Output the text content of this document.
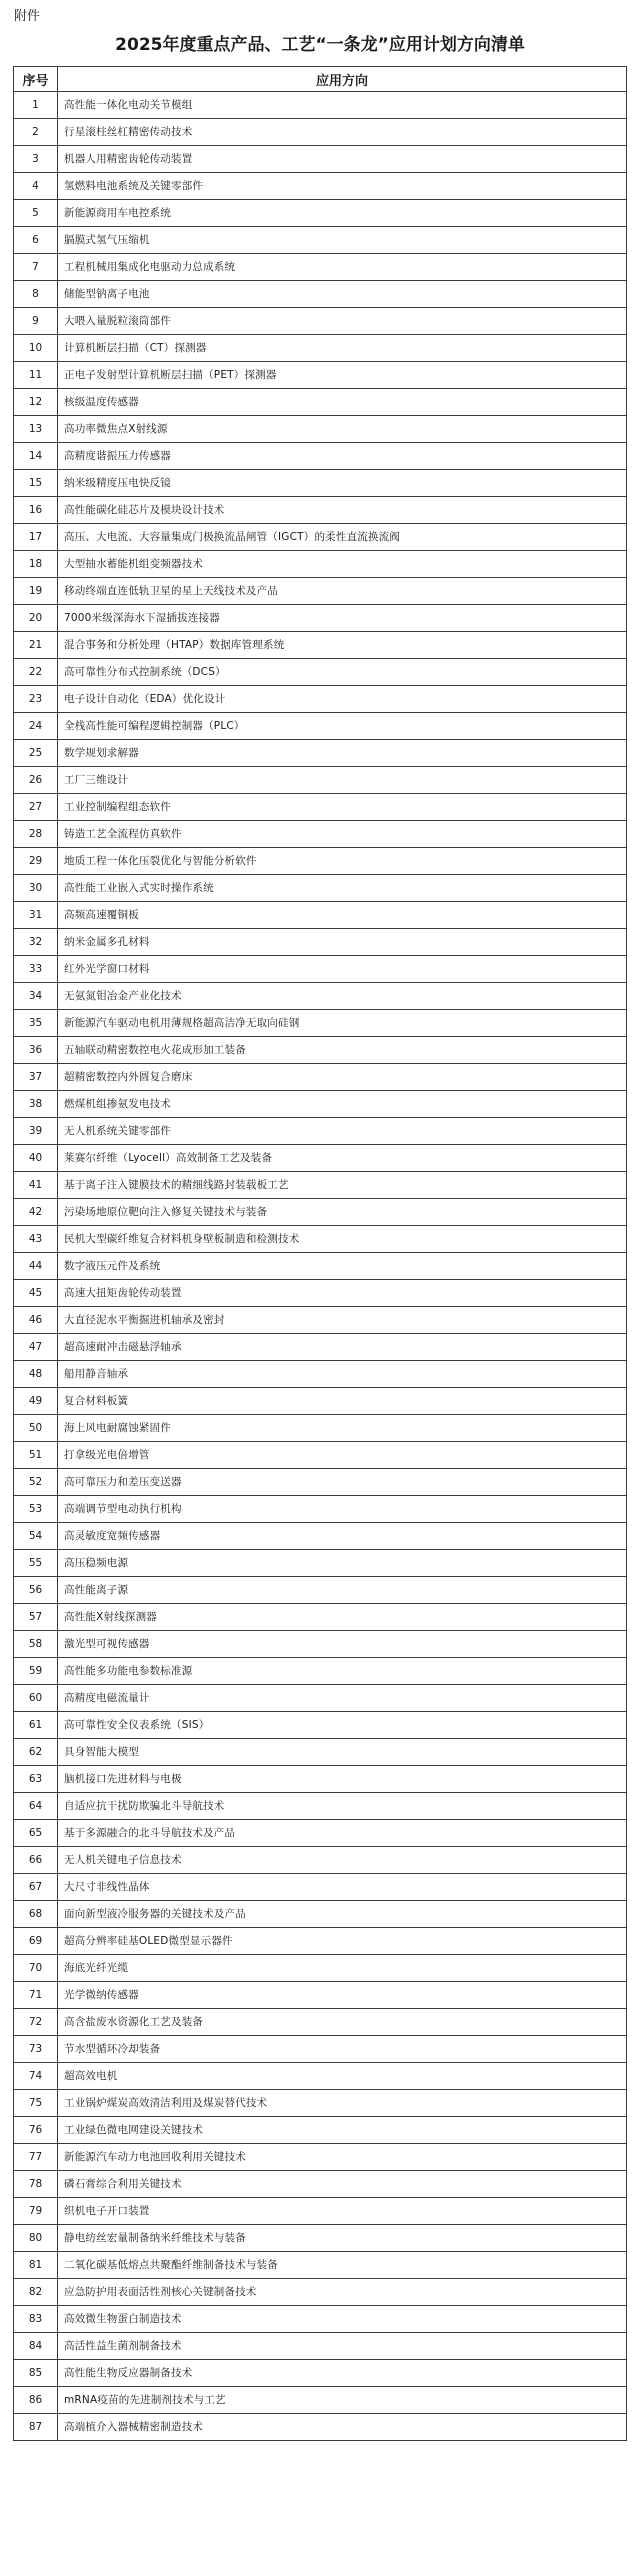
附件
2025年度重点产品、工艺“一条龙”应用计划方向清单
序号	应用方向
1	高性能一体化电动关节模组
2	行星滚柱丝杠精密传动技术
3	机器人用精密齿轮传动装置
4	氢燃料电池系统及关键零部件
5	新能源商用车电控系统
6	膈膜式氢气压缩机
7	工程机械用集成化电驱动力总成系统
8	储能型钠离子电池
9	大喂入量脱粒滚筒部件
10	计算机断层扫描（CT）探测器
11	正电子发射型计算机断层扫描（PET）探测器
12	核级温度传感器
13	高功率微焦点X射线源
14	高精度谐振压力传感器
15	纳米级精度压电快反镜
16	高性能碳化硅芯片及模块设计技术
17	高压、大电流、大容量集成门极换流晶闸管（IGCT）的柔性直流换流阀
18	大型抽水蓄能机组变频器技术
19	移动终端直连低轨卫星的星上天线技术及产品
20	7000米级深海水下湿插拔连接器
21	混合事务和分析处理（HTAP）数据库管理系统
22	高可靠性分布式控制系统（DCS）
23	电子设计自动化（EDA）优化设计
24	全栈高性能可编程逻辑控制器（PLC）
25	数学规划求解器
26	工厂三维设计
27	工业控制编程组态软件
28	铸造工艺全流程仿真软件
29	地质工程一体化压裂优化与智能分析软件
30	高性能工业嵌入式实时操作系统
31	高频高速覆铜板
32	纳米金属多孔材料
33	红外光学窗口材料
34	无氨氮钼冶金产业化技术
35	新能源汽车驱动电机用薄规格超高洁净无取向硅钢
36	五轴联动精密数控电火花成形加工装备
37	超精密数控内外圆复合磨床
38	燃煤机组掺氨发电技术
39	无人机系统关键零部件
40	莱赛尔纤维（Lyocell）高效制备工艺及装备
41	基于离子注入键膜技术的精细线路封装载板工艺
42	污染场地原位靶向注入修复关键技术与装备
43	民机大型碳纤维复合材料机身壁板制造和检测技术
44	数字液压元件及系统
45	高速大扭矩齿轮传动装置
46	大直径泥水平衡掘进机轴承及密封
47	超高速耐冲击磁悬浮轴承
48	船用静音轴承
49	复合材料板簧
50	海上风电耐腐蚀紧固件
51	打拿级光电倍增管
52	高可靠压力和差压变送器
53	高端调节型电动执行机构
54	高灵敏度宽频传感器
55	高压稳频电源
56	高性能离子源
57	高性能X射线探测器
58	激光型可视传感器
59	高性能多功能电参数标准源
60	高精度电磁流量计
61	高可靠性安全仪表系统（SIS）
62	具身智能大模型
63	脑机接口先进材料与电极
64	自适应抗干扰防欺骗北斗导航技术
65	基于多源融合的北斗导航技术及产品
66	无人机关键电子信息技术
67	大尺寸非线性晶体
68	面向新型液冷服务器的关键技术及产品
69	超高分辨率硅基OLED微型显示器件
70	海底光纤光缆
71	光学微纳传感器
72	高含盐废水资源化工艺及装备
73	节水型循环冷却装备
74	超高效电机
75	工业锅炉煤炭高效清洁利用及煤炭替代技术
76	工业绿色微电网建设关键技术
77	新能源汽车动力电池回收利用关键技术
78	磷石膏综合利用关键技术
79	织机电子开口装置
80	静电纺丝宏量制备纳米纤维技术与装备
81	二氧化碳基低熔点共聚酯纤维制备技术与装备
82	应急防护用表面活性剂核心关键制备技术
83	高效微生物蛋白制造技术
84	高活性益生菌剂制备技术
85	高性能生物反应器制备技术
86	mRNA疫苗的先进制剂技术与工艺
87	高端植介入器械精密制造技术
